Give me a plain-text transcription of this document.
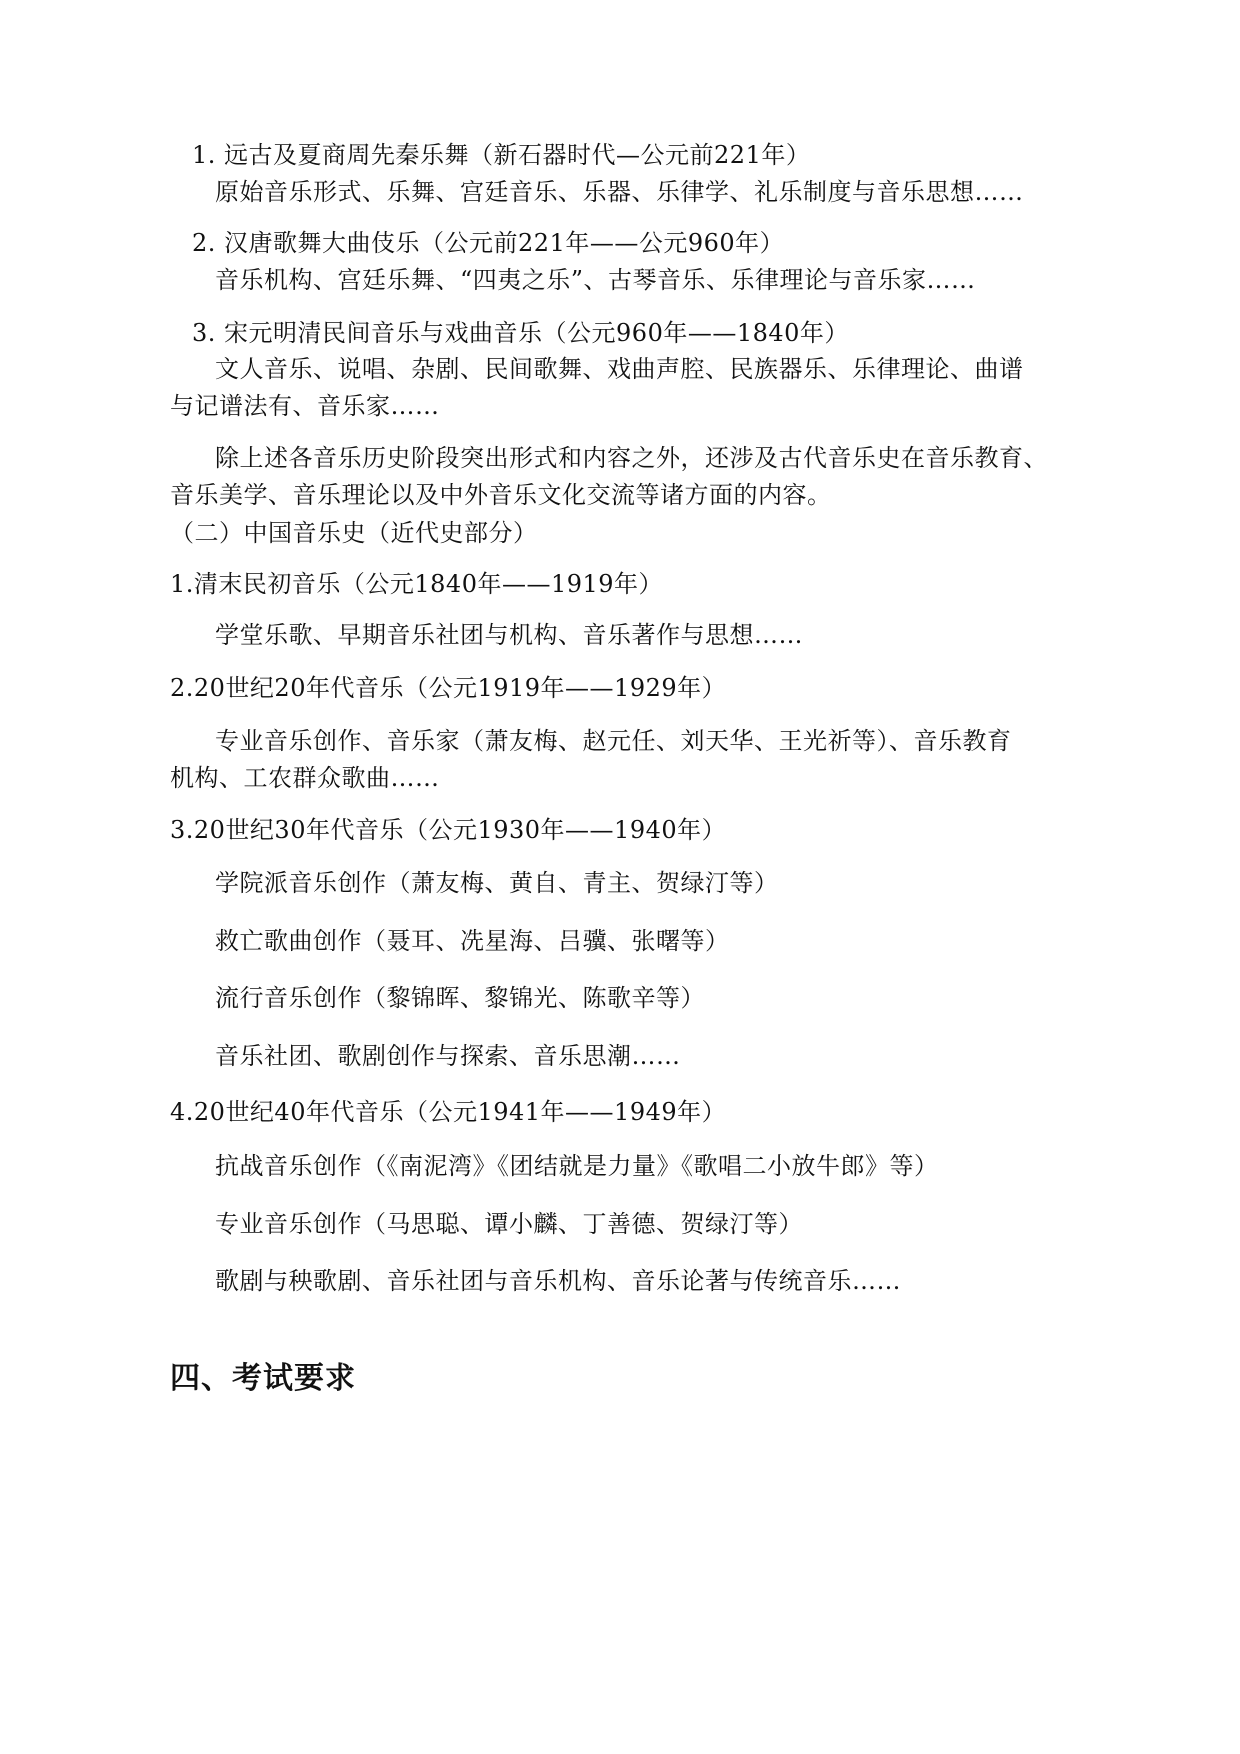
1. 远古及夏商周先秦乐舞（新石器时代—公元前221年）
原始音乐形式、乐舞、宫廷音乐、乐器、乐律学、礼乐制度与音乐思想……
2. 汉唐歌舞大曲伎乐（公元前221年——公元960年）
音乐机构、宫廷乐舞、“四夷之乐”、古琴音乐、乐律理论与音乐家……
3. 宋元明清民间音乐与戏曲音乐（公元960年——1840年）
文人音乐、说唱、杂剧、民间歌舞、戏曲声腔、民族器乐、乐律理论、曲谱
与记谱法有、音乐家……
除上述各音乐历史阶段突出形式和内容之外，还涉及古代音乐史在音乐教育、
音乐美学、音乐理论以及中外音乐文化交流等诸方面的内容。
（二）中国音乐史（近代史部分）
1.清末民初音乐（公元1840年——1919年）
学堂乐歌、早期音乐社团与机构、音乐著作与思想……
2.20世纪20年代音乐（公元1919年——1929年）
专业音乐创作、音乐家（萧友梅、赵元任、刘天华、王光祈等）、音乐教育
机构、工农群众歌曲……
3.20世纪30年代音乐（公元1930年——1940年）
学院派音乐创作（萧友梅、黄自、青主、贺绿汀等）
救亡歌曲创作（聂耳、冼星海、吕骥、张曙等）
流行音乐创作（黎锦晖、黎锦光、陈歌辛等）
音乐社团、歌剧创作与探索、音乐思潮……
4.20世纪40年代音乐（公元1941年——1949年）
抗战音乐创作（《南泥湾》《团结就是力量》《歌唱二小放牛郎》等）
专业音乐创作（马思聪、谭小麟、丁善德、贺绿汀等）
歌剧与秧歌剧、音乐社团与音乐机构、音乐论著与传统音乐……
四、考试要求
